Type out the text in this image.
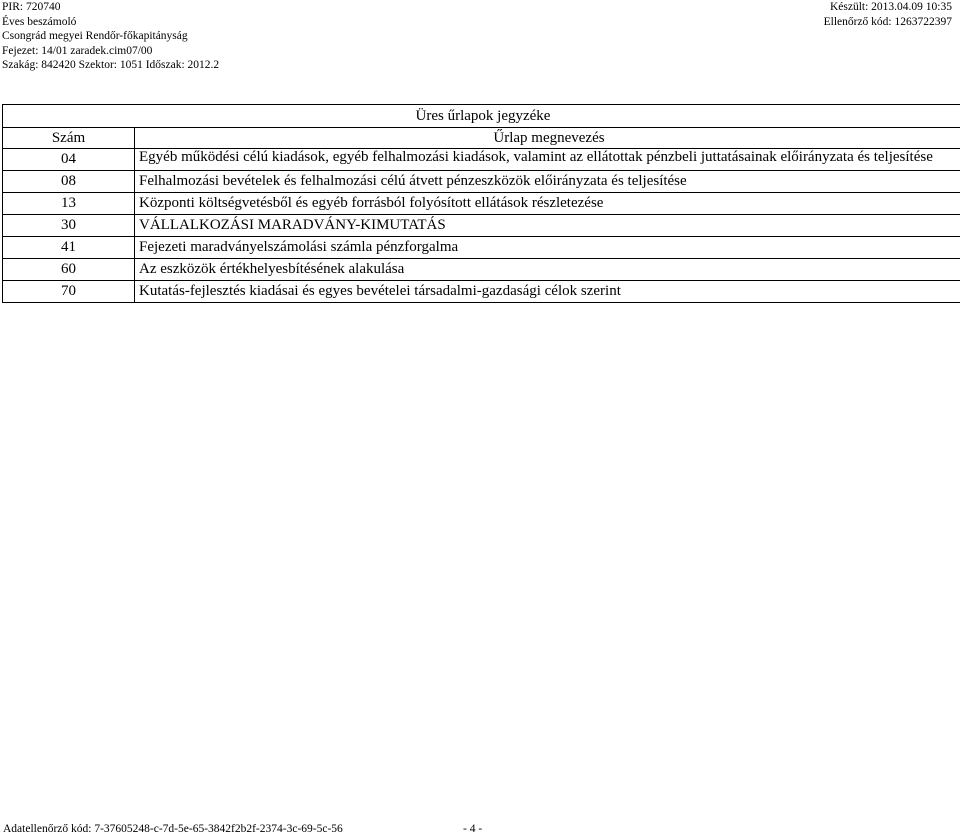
PIR: 720740
Éves beszámoló
Csongrád megyei Rendőr-főkapitányság
Fejezet: 14/01 zaradek.cim07/00
Szakág: 842420 Szektor: 1051 Időszak: 2012.2
Készült: 2013.04.09 10:35
Ellenőrző kód: 1263722397
Üres űrlapok jegyzéke	
Szám	Űrlap megnevezés
04	Egyéb működési célú kiadások, egyéb felhalmozási kiadások, valamint az ellátottak pénzbeli juttatásainak előirányzata és teljesítése
08	Felhalmozási bevételek és felhalmozási célú átvett pénzeszközök előirányzata és teljesítése
13	Központi költségvetésből és egyéb forrásból folyósított ellátások részletezése
30	VÁLLALKOZÁSI MARADVÁNY-KIMUTATÁS
41	Fejezeti maradványelszámolási számla pénzforgalma
60	Az eszközök értékhelyesbítésének alakulása
70	Kutatás-fejlesztés kiadásai és egyes bevételei társadalmi-gazdasági célok szerint
Adatellenőrző kód: 7-37605248-c-7d-5e-65-3842f2b2f-2374-3c-69-5c-56	- 4 -
